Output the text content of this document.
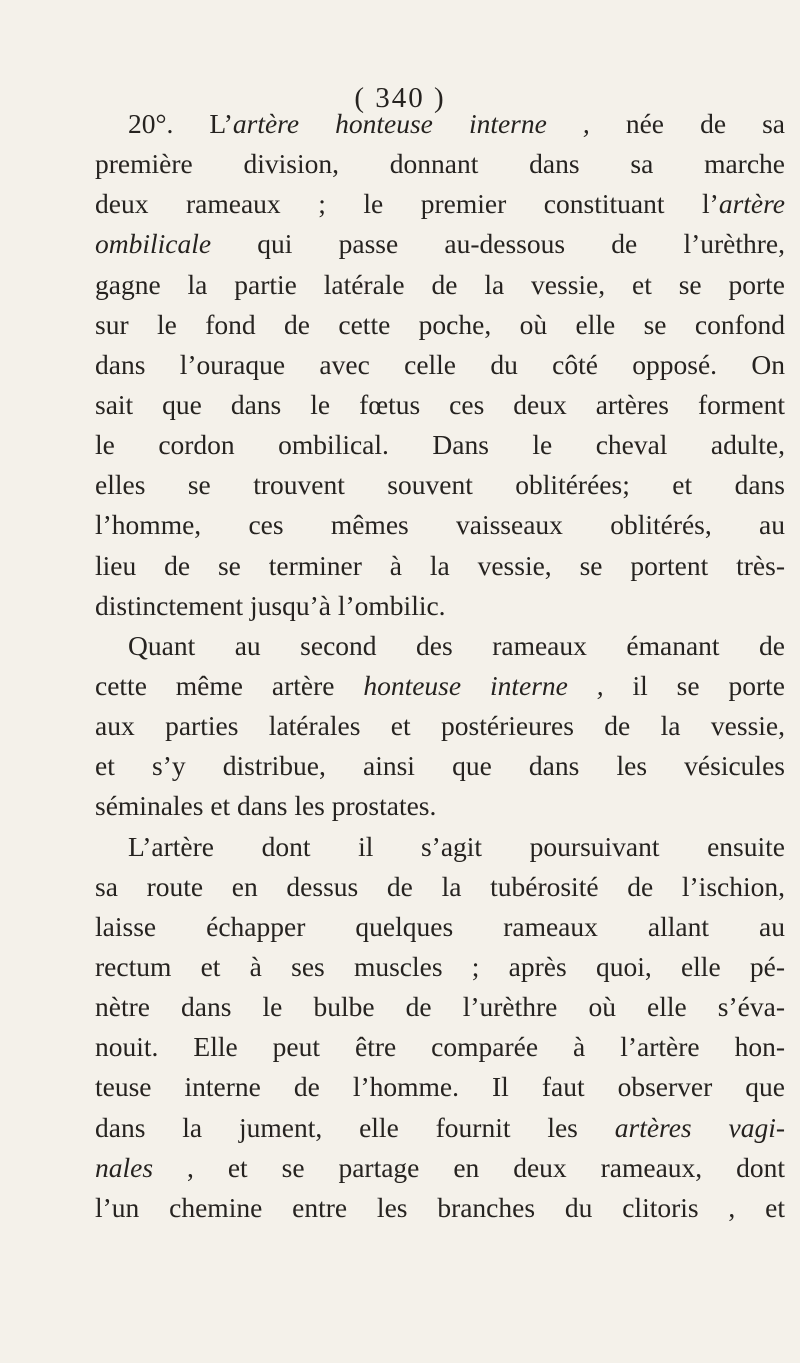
( 340 )
20°. L’artère honteuse interne , née de sa
première division, donnant dans sa marche
deux rameaux ; le premier constituant l’artère
ombilicale qui passe au-dessous de l’urèthre,
gagne la partie latérale de la vessie, et se porte
sur le fond de cette poche, où elle se confond
dans l’ouraque avec celle du côté opposé. On
sait que dans le fœtus ces deux artères forment
le cordon ombilical. Dans le cheval adulte,
elles se trouvent souvent oblitérées; et dans
l’homme, ces mêmes vaisseaux oblitérés, au
lieu de se terminer à la vessie, se portent très-
distinctement jusqu’à l’ombilic.
Quant au second des rameaux émanant de
cette même artère honteuse interne , il se porte
aux parties latérales et postérieures de la vessie,
et s’y distribue, ainsi que dans les vésicules
séminales et dans les prostates.
L’artère dont il s’agit poursuivant ensuite
sa route en dessus de la tubérosité de l’ischion,
laisse échapper quelques rameaux allant au
rectum et à ses muscles ; après quoi, elle pé-
nètre dans le bulbe de l’urèthre où elle s’éva-
nouit. Elle peut être comparée à l’artère hon-
teuse interne de l’homme. Il faut observer que
dans la jument, elle fournit les artères vagi-
nales , et se partage en deux rameaux, dont
l’un chemine entre les branches du clitoris , et
